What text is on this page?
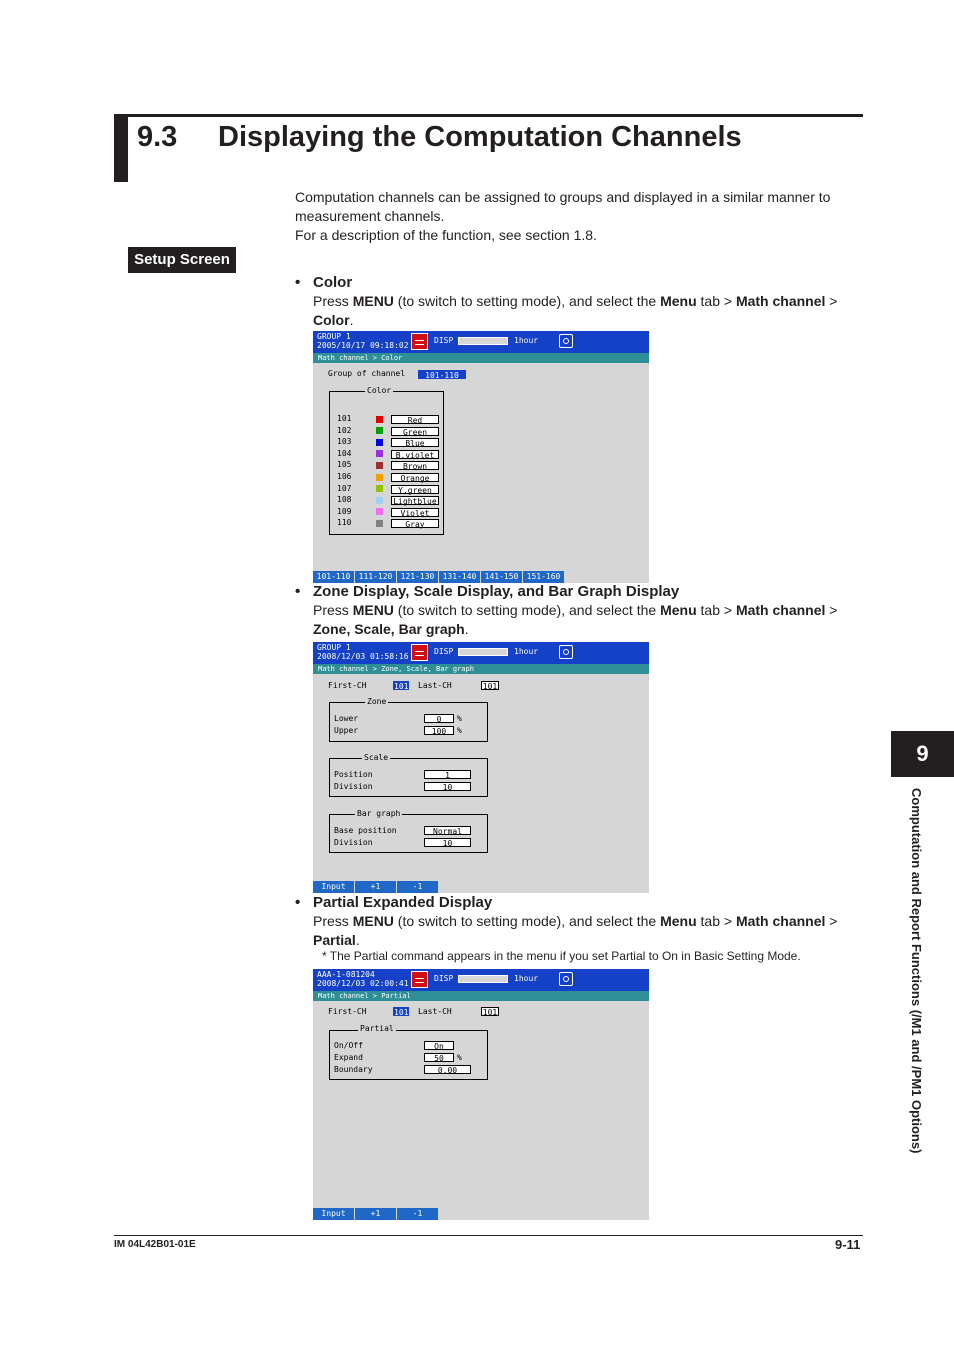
9.3 Displaying the Computation Channels
Computation channels can be assigned to groups and displayed in a similar manner to
measurement channels.
For a description of the function, see section 1.8.
Setup Screen
• Color
Press MENU (to switch to setting mode), and select the Menu tab > Math channel >
Color.
GROUP 1
2005/10/17 09:18:02
DISP	1hour
Math channel > Color
Group of channel	101-110
Color
101-110	111-120	121-130	131-140	141-150	151-160
101	Red
102	Green
103	Blue
104	B.violet
105	Brown
106	Orange
107	Y.green
108	Lightblue
109	Violet
110	Gray
• Zone Display, Scale Display, and Bar Graph Display
Press MENU (to switch to setting mode), and select the Menu tab > Math channel >
Zone, Scale, Bar graph.
GROUP 1
2008/12/03 01:58:16
DISP	1hour
Math channel > Zone, Scale, Bar graph
First-CH	101 Last-CH	101
Zone
Lower	0	%
Upper	100	%
Scale
Position	1
Division	10
Bar graph
Base position	Normal
Division	10
Input	+1	-1
• Partial Expanded Display
Press MENU (to switch to setting mode), and select the Menu tab > Math channel >
Partial.
* The Partial command appears in the menu if you set Partial to On in Basic Setting Mode.
AAA-1-081204
2008/12/03 02:00:41
DISP	1hour
Math channel > Partial
First-CH	101 Last-CH	101
Partial
On/Off	On
Expand	50	%
Boundary	0.00
Input	+1	-1
9
Computation and Report Functions (/M1 and /PM1 Options)
IM 04L42B01-01E	9-11
